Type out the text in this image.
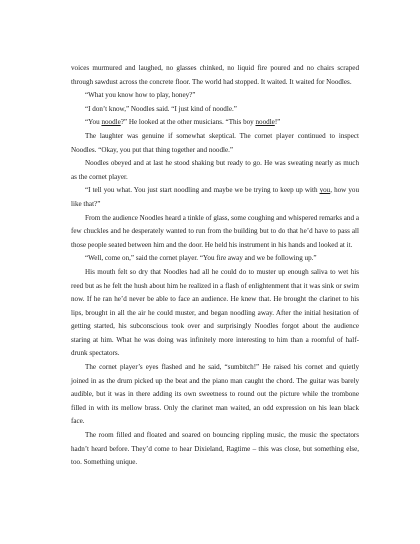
voices murmured and laughed, no glasses chinked, no liquid fire poured and no chairs scraped through sawdust across the concrete floor. The world had stopped. It waited. It waited for Noodles.

“What you know how to play, honey?”

“I don’t know,” Noodles said. “I just kind of noodle.”

“You noodle?” He looked at the other musicians. “This boy noodle!”

The laughter was genuine if somewhat skeptical. The cornet player continued to inspect Noodles. “Okay, you put that thing together and noodle.”

Noodles obeyed and at last he stood shaking but ready to go. He was sweating nearly as much as the cornet player.

“I tell you what. You just start noodling and maybe we be trying to keep up with you, how you like that?”

From the audience Noodles heard a tinkle of glass, some coughing and whispered remarks and a few chuckles and he desperately wanted to run from the building but to do that he’d have to pass all those people seated between him and the door. He held his instrument in his hands and looked at it.

“Well, come on,” said the cornet player. “You fire away and we be following up.”

His mouth felt so dry that Noodles had all he could do to muster up enough saliva to wet his reed but as he felt the hush about him he realized in a flash of enlightenment that it was sink or swim now. If he ran he’d never be able to face an audience. He knew that. He brought the clarinet to his lips, brought in all the air he could muster, and began noodling away. After the initial hesitation of getting started, his subconscious took over and surprisingly Noodles forgot about the audience staring at him. What he was doing was infinitely more interesting to him than a roomful of half-drunk spectators.

The cornet player’s eyes flashed and he said, “sumbitch!” He raised his cornet and quietly joined in as the drum picked up the beat and the piano man caught the chord. The guitar was barely audible, but it was in there adding its own sweetness to round out the picture while the trombone filled in with its mellow brass. Only the clarinet man waited, an odd expression on his lean black face.

The room filled and floated and soared on bouncing rippling music, the music the spectators hadn’t heard before. They’d come to hear Dixieland, Ragtime – this was close, but something else, too. Something unique.
